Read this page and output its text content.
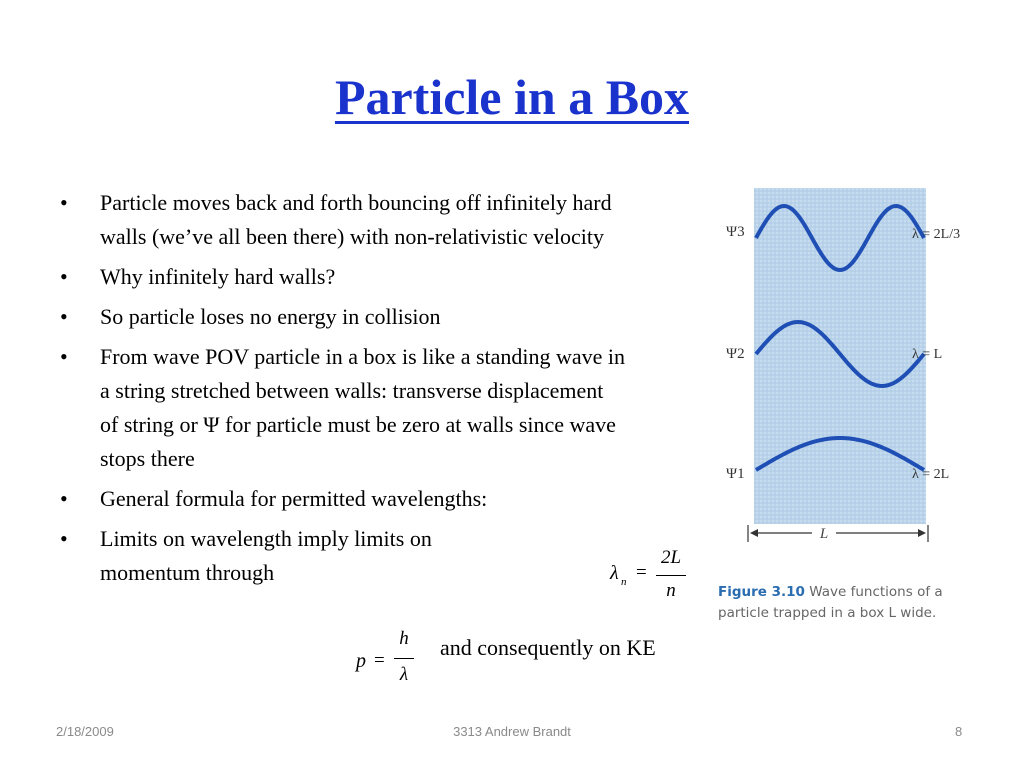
Particle in a Box
• Particle moves back and forth bouncing off infinitely hard walls (we’ve all been there) with non-relativistic velocity
• Why infinitely hard walls?
• So particle loses no energy in collision
• From wave POV particle in a box is like a standing wave in a string stretched between walls: transverse displacement of string or Ψ for particle must be zero at walls since wave stops there
• General formula for permitted wavelengths:
• Limits on wavelength imply limits on momentum through
and consequently on KE
λ n =
2L
n
p =
h
λ
L
Ψ3
Ψ2
Ψ1
λ = 2L/3
λ = L
λ = 2L
Figure 3.10 Wave functions of a particle trapped in a box L wide.
2/18/2009	3313 Andrew Brandt	8
